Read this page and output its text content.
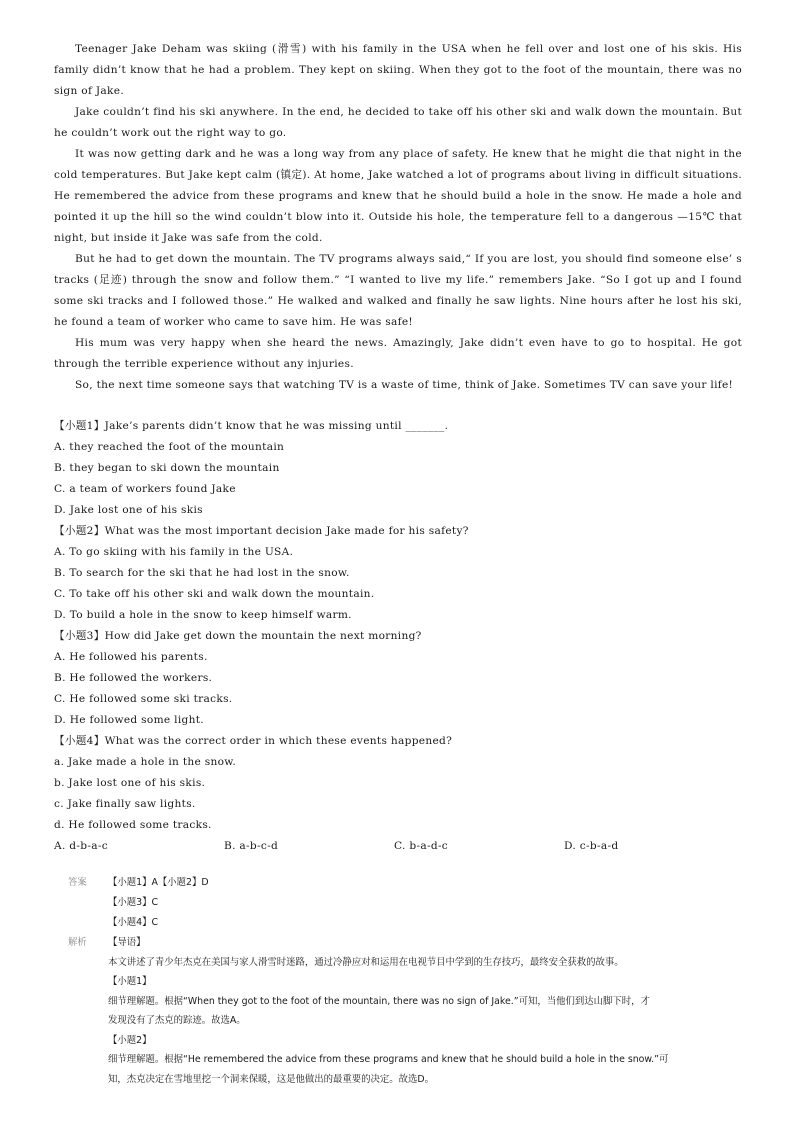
Teenager Jake Deham was skiing (滑雪) with his family in the USA when he fell over and lost one of his skis. His family didn’t know that he had a problem. They kept on skiing. When they got to the foot of the mountain, there was no sign of Jake.

Jake couldn’t find his ski anywhere. In the end, he decided to take off his other ski and walk down the mountain. But he couldn’t work out the right way to go.

It was now getting dark and he was a long way from any place of safety. He knew that he might die that night in the cold temperatures. But Jake kept calm (镇定). At home, Jake watched a lot of programs about living in difficult situations. He remembered the advice from these programs and knew that he should build a hole in the snow. He made a hole and pointed it up the hill so the wind couldn’t blow into it. Outside his hole, the temperature fell to a dangerous —15℃ that night, but inside it Jake was safe from the cold.

But he had to get down the mountain. The TV programs always said,“ If you are lost, you should find someone else’ s tracks (足迹) through the snow and follow them.” “I wanted to live my life.” remembers Jake. “So I got up and I found some ski tracks and I followed those.” He walked and walked and finally he saw lights. Nine hours after he lost his ski, he found a team of worker who came to save him. He was safe!

His mum was very happy when she heard the news. Amazingly, Jake didn’t even have to go to hospital. He got through the terrible experience without any injuries.

So, the next time someone says that watching TV is a waste of time, think of Jake. Sometimes TV can save your life!

【小题1】Jake’s parents didn’t know that he was missing until _______.
A. they reached the foot of the mountain
B. they began to ski down the mountain
C. a team of workers found Jake
D. Jake lost one of his skis
【小题2】What was the most important decision Jake made for his safety?
A. To go skiing with his family in the USA.
B. To search for the ski that he had lost in the snow.
C. To take off his other ski and walk down the mountain.
D. To build a hole in the snow to keep himself warm.
【小题3】How did Jake get down the mountain the next morning?
A. He followed his parents.
B. He followed the workers.
C. He followed some ski tracks.
D. He followed some light.
【小题4】What was the correct order in which these events happened?
a. Jake made a hole in the snow.
b. Jake lost one of his skis.
c. Jake finally saw lights.
d. He followed some tracks.
A. d-b-a-c	B. a-b-c-d	C. b-a-d-c	D. c-b-a-d
答案 【小题1】A【小题2】D
【小题3】C
【小题4】C
解析 【导语】
本文讲述了青少年杰克在美国与家人滑雪时迷路，通过冷静应对和运用在电视节目中学到的生存技巧，最终安全获救的故事。
【小题1】
细节理解题。根据“When they got to the foot of the mountain, there was no sign of Jake.”可知，当他们到达山脚下时，才
发现没有了杰克的踪迹。故选A。
【小题2】
细节理解题。根据“He remembered the advice from these programs and knew that he should build a hole in the snow.”可
知，杰克决定在雪地里挖一个洞来保暖，这是他做出的最重要的决定。故选D。
